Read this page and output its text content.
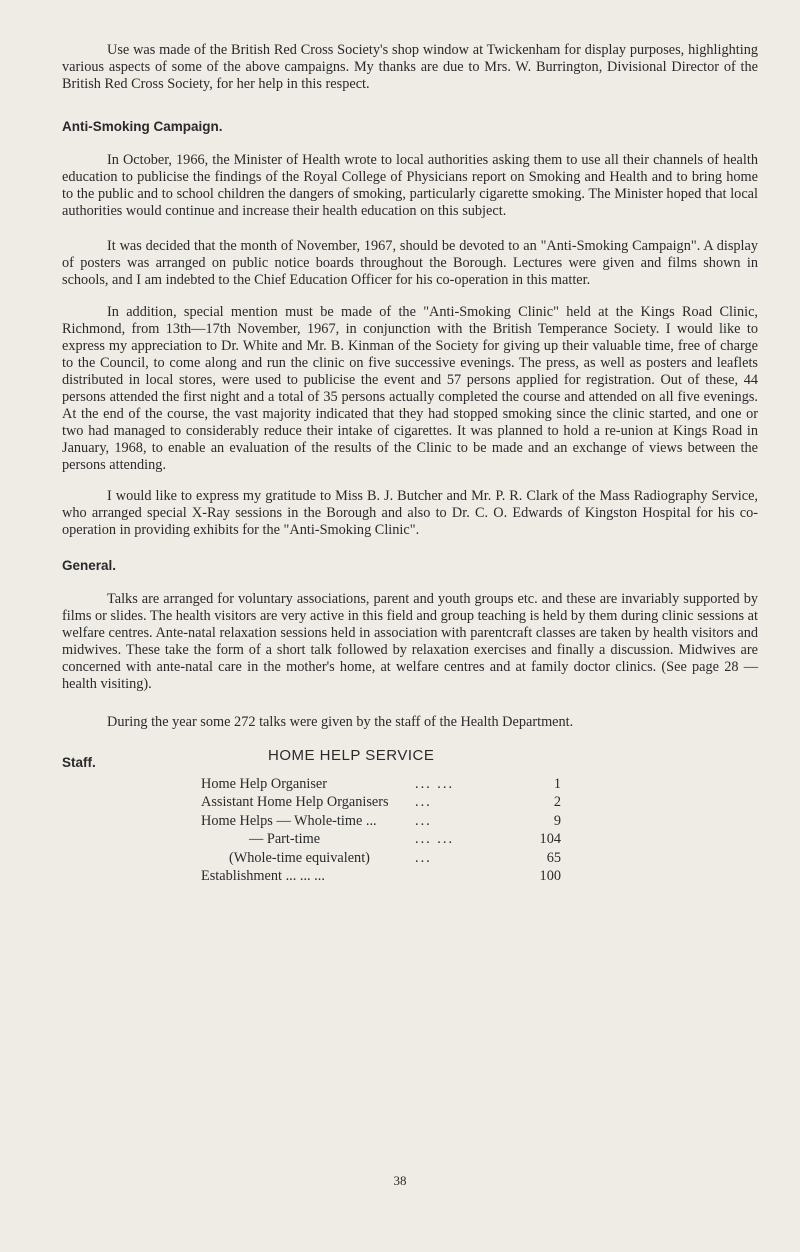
Use was made of the British Red Cross Society's shop window at Twickenham for display purposes, highlighting various aspects of some of the above campaigns. My thanks are due to Mrs. W. Burrington, Divisional Director of the British Red Cross Society, for her help in this respect.

Anti-Smoking Campaign.

In October, 1966, the Minister of Health wrote to local authorities asking them to use all their channels of health education to publicise the findings of the Royal College of Physicians report on Smoking and Health and to bring home to the public and to school children the dangers of smoking, particularly cigarette smoking. The Minister hoped that local authorities would continue and increase their health education on this subject.

It was decided that the month of November, 1967, should be devoted to an "Anti-Smoking Campaign". A display of posters was arranged on public notice boards throughout the Borough. Lectures were given and films shown in schools, and I am indebted to the Chief Education Officer for his co-operation in this matter.

In addition, special mention must be made of the "Anti-Smoking Clinic" held at the Kings Road Clinic, Richmond, from 13th—17th November, 1967, in conjunction with the British Temperance Society. I would like to express my appreciation to Dr. White and Mr. B. Kinman of the Society for giving up their valuable time, free of charge to the Council, to come along and run the clinic on five successive evenings. The press, as well as posters and leaflets distributed in local stores, were used to publicise the event and 57 persons applied for registration. Out of these, 44 persons attended the first night and a total of 35 persons actually completed the course and attended on all five evenings. At the end of the course, the vast majority indicated that they had stopped smoking since the clinic started, and one or two had managed to considerably reduce their intake of cigarettes. It was planned to hold a re-union at Kings Road in January, 1968, to enable an evaluation of the results of the Clinic to be made and an exchange of views between the persons attending.

I would like to express my gratitude to Miss B. J. Butcher and Mr. P. R. Clark of the Mass Radiography Service, who arranged special X-Ray sessions in the Borough and also to Dr. C. O. Edwards of Kingston Hospital for his co-operation in providing exhibits for the "Anti-Smoking Clinic".

General.

Talks are arranged for voluntary associations, parent and youth groups etc. and these are invariably supported by films or slides. The health visitors are very active in this field and group teaching is held by them during clinic sessions at welfare centres. Ante-natal relaxation sessions held in association with parentcraft classes are taken by health visitors and midwives. These take the form of a short talk followed by relaxation exercises and finally a discussion. Midwives are concerned with ante-natal care in the mother's home, at welfare centres and at family doctor clinics. (See page 28 — health visiting).

During the year some 272 talks were given by the staff of the Health Department.

Staff.	HOME HELP SERVICE
Home Help Organiser	... ...	1
Assistant Home Help Organisers	...	2
Home Helps — Whole-time ...	...	9
— Part-time	... ...	104
(Whole-time equivalent)	...	65
Establishment ... ... ...		100
38
